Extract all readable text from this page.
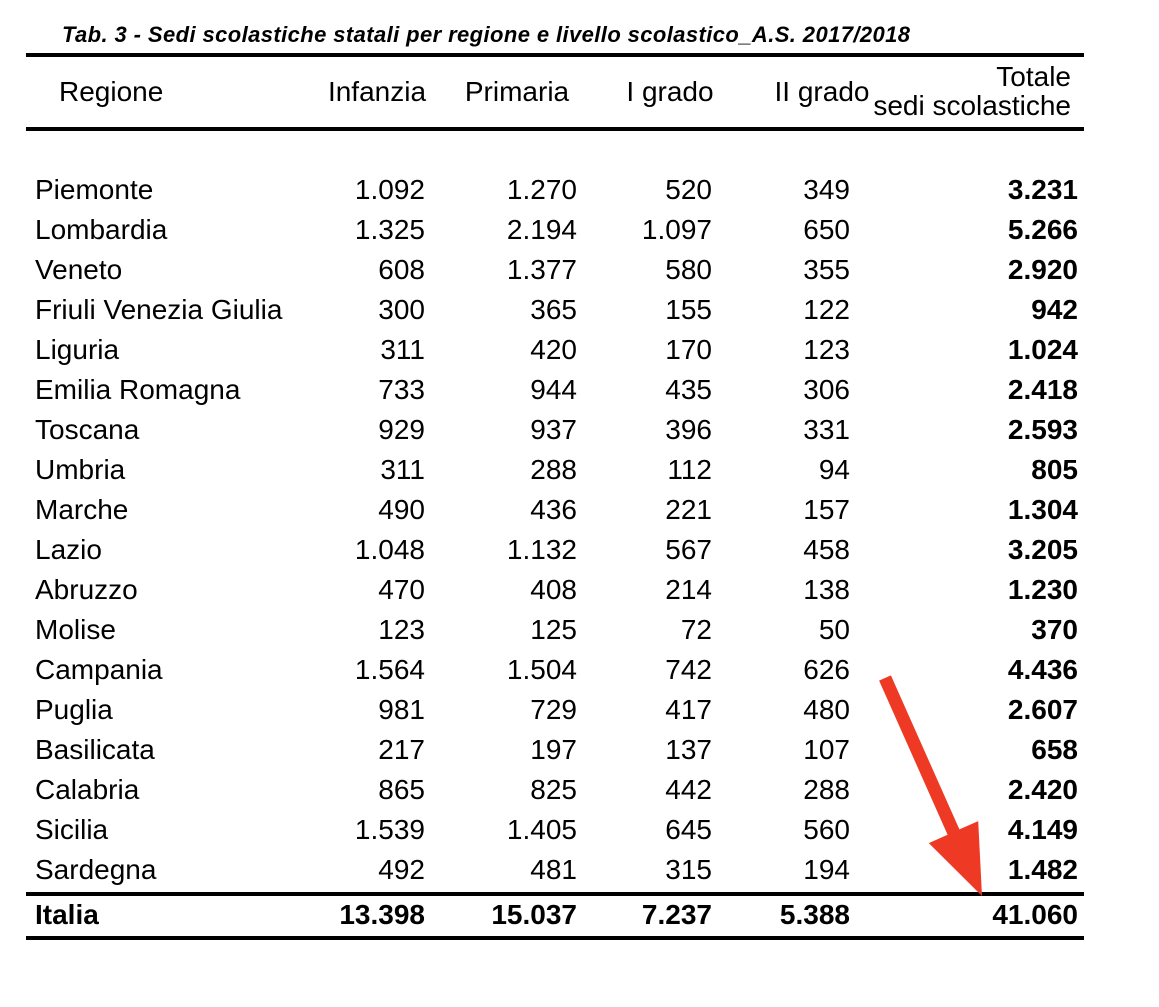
Tab. 3 - Sedi scolastiche statali per regione e livello scolastico_A.S. 2017/2018
Regione	Infanzia	Primaria	I grado	II grado	Totale
sedi scolastiche
Piemonte	1.092	1.270	520	349	3.231
Lombardia	1.325	2.194	1.097	650	5.266
Veneto	608	1.377	580	355	2.920
Friuli Venezia Giulia	300	365	155	122	942
Liguria	311	420	170	123	1.024
Emilia Romagna	733	944	435	306	2.418
Toscana	929	937	396	331	2.593
Umbria	311	288	112	94	805
Marche	490	436	221	157	1.304
Lazio	1.048	1.132	567	458	3.205
Abruzzo	470	408	214	138	1.230
Molise	123	125	72	50	370
Campania	1.564	1.504	742	626	4.436
Puglia	981	729	417	480	2.607
Basilicata	217	197	137	107	658
Calabria	865	825	442	288	2.420
Sicilia	1.539	1.405	645	560	4.149
Sardegna	492	481	315	194	1.482
Italia	13.398	15.037	7.237	5.388	41.060
